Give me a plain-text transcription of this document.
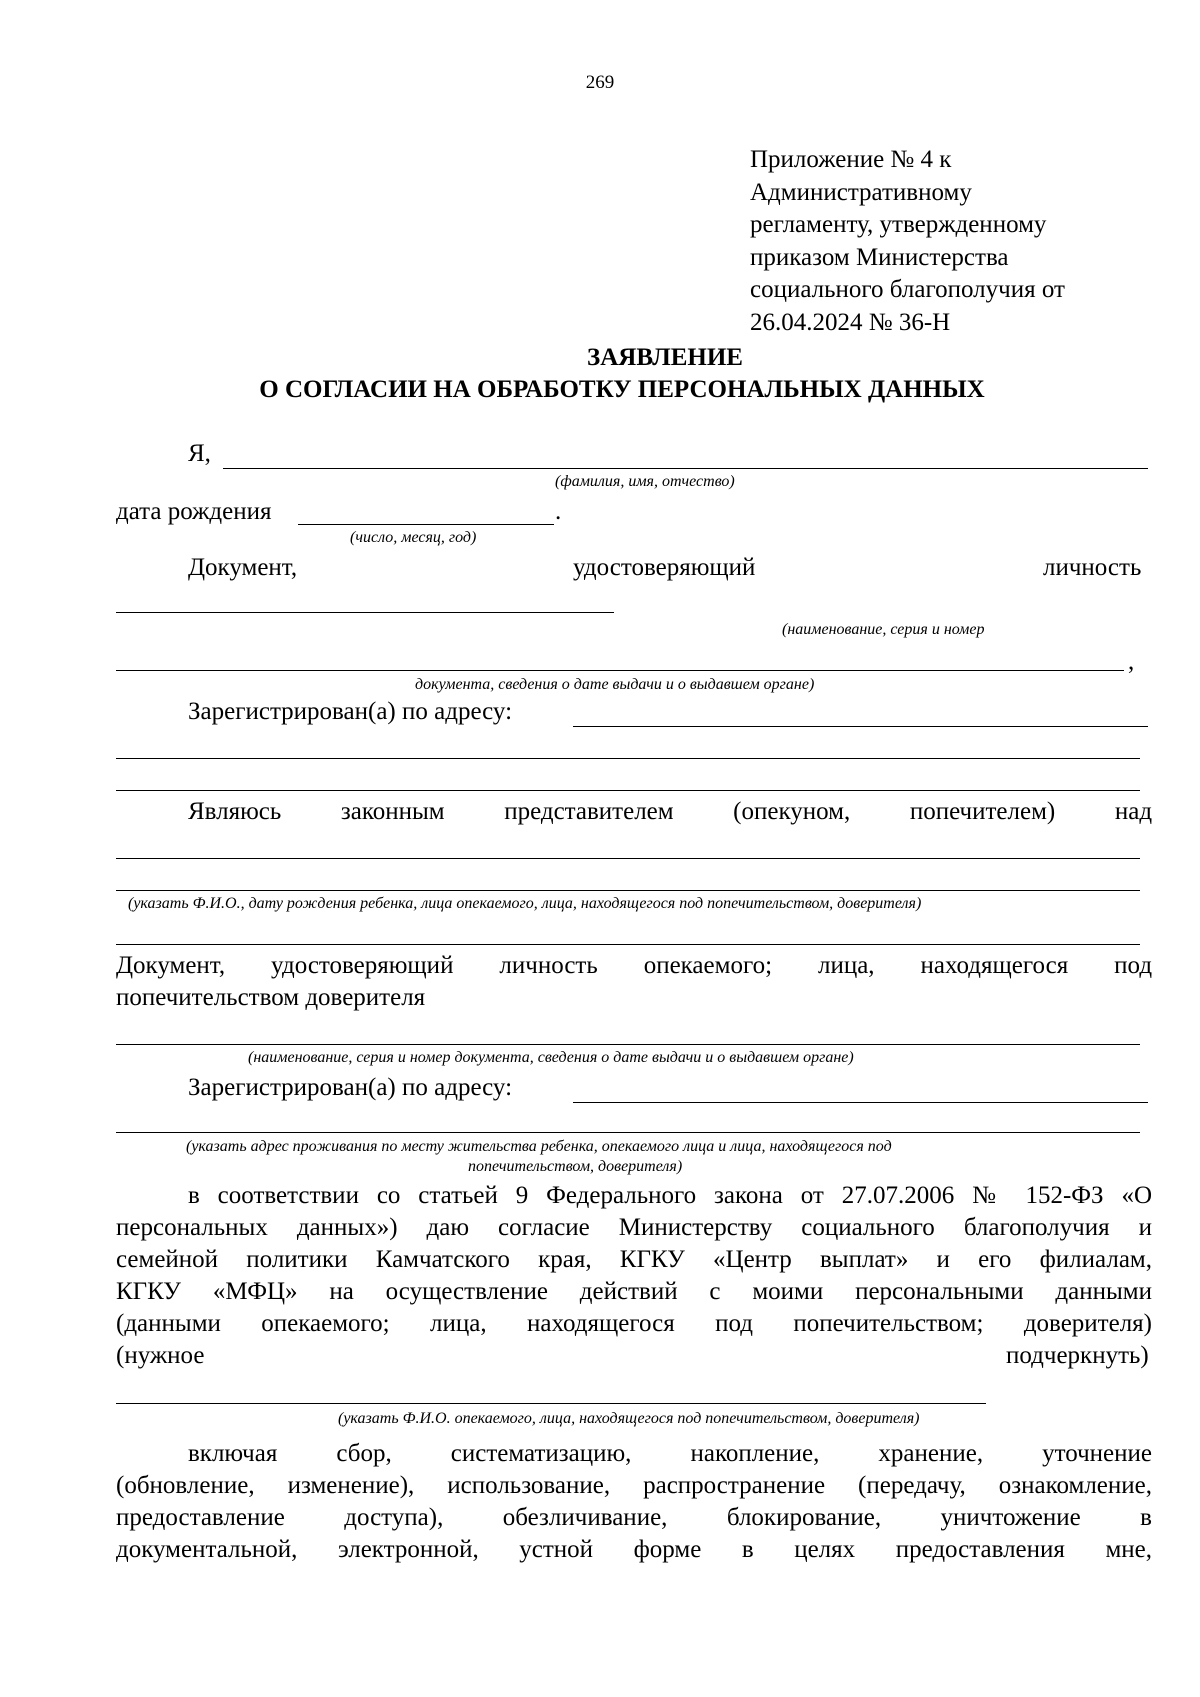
269
Приложение № 4 к
Административному
регламенту, утвержденному
приказом Министерства
социального благополучия от
26.04.2024 № 36-Н
ЗАЯВЛЕНИЕ
О СОГЛАСИИ НА ОБРАБОТКУ ПЕРСОНАЛЬНЫХ ДАННЫХ
Я,
(фамилия, имя, отчество)
дата рождения	.
(число, месяц, год)
Документ,	удостоверяющий	личность
(наименование, серия и номер
,
документа, сведения о дате выдачи и о выдавшем органе)
Зарегистрирован(а) по адресу:
Являюсь законным представителем (опекуном, попечителем) над
(указать Ф.И.О., дату рождения ребенка, лица опекаемого, лица, находящегося под попечительством, доверителя)
Документ, удостоверяющий личность опекаемого; лица, находящегося под
попечительством доверителя
(наименование, серия и номер документа, сведения о дате выдачи и о выдавшем органе)
Зарегистрирован(а) по адресу:
(указать адрес проживания по месту жительства ребенка, опекаемого лица и лица, находящегося под
попечительством, доверителя)
в соответствии со статьей 9 Федерального закона от 27.07.2006 № 152-ФЗ «О
персональных данных») даю согласие Министерству социального благополучия и
семейной политики Камчатского края, КГКУ «Центр выплат» и его филиалам,
КГКУ «МФЦ» на осуществление действий с моими персональными данными
(данными опекаемого; лица, находящегося под попечительством; доверителя)
(нужное	подчеркнуть)
(указать Ф.И.О. опекаемого, лица, находящегося под попечительством, доверителя)
включая сбор, систематизацию, накопление, хранение, уточнение
(обновление, изменение), использование, распространение (передачу, ознакомление,
предоставление доступа), обезличивание, блокирование, уничтожение в
документальной, электронной, устной форме в целях предоставления мне,
